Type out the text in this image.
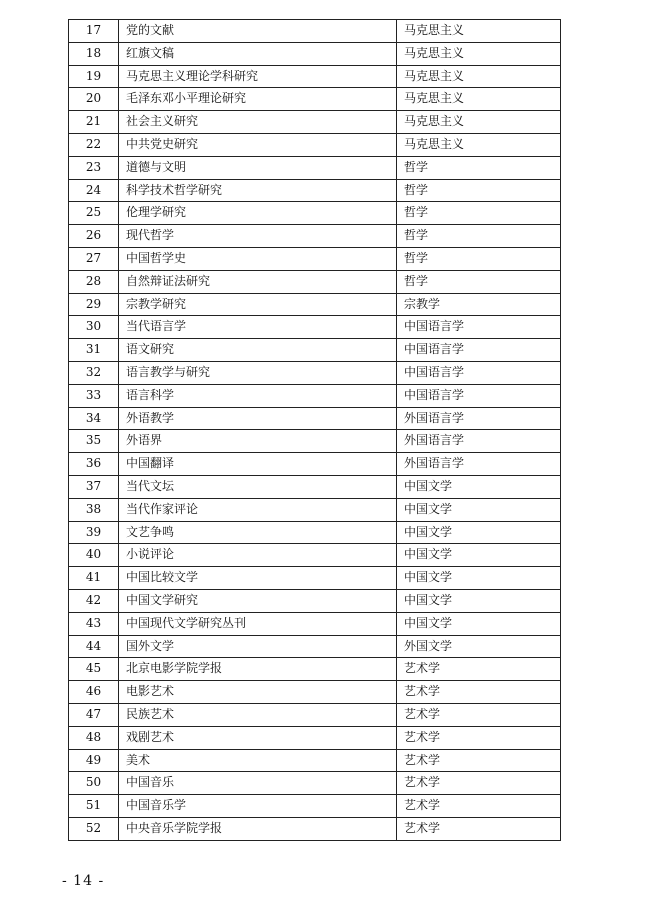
17	党的文献	马克思主义
18	红旗文稿	马克思主义
19	马克思主义理论学科研究	马克思主义
20	毛泽东邓小平理论研究	马克思主义
21	社会主义研究	马克思主义
22	中共党史研究	马克思主义
23	道德与文明	哲学
24	科学技术哲学研究	哲学
25	伦理学研究	哲学
26	现代哲学	哲学
27	中国哲学史	哲学
28	自然辩证法研究	哲学
29	宗教学研究	宗教学
30	当代语言学	中国语言学
31	语文研究	中国语言学
32	语言教学与研究	中国语言学
33	语言科学	中国语言学
34	外语教学	外国语言学
35	外语界	外国语言学
36	中国翻译	外国语言学
37	当代文坛	中国文学
38	当代作家评论	中国文学
39	文艺争鸣	中国文学
40	小说评论	中国文学
41	中国比较文学	中国文学
42	中国文学研究	中国文学
43	中国现代文学研究丛刊	中国文学
44	国外文学	外国文学
45	北京电影学院学报	艺术学
46	电影艺术	艺术学
47	民族艺术	艺术学
48	戏剧艺术	艺术学
49	美术	艺术学
50	中国音乐	艺术学
51	中国音乐学	艺术学
52	中央音乐学院学报	艺术学
- 14 -
